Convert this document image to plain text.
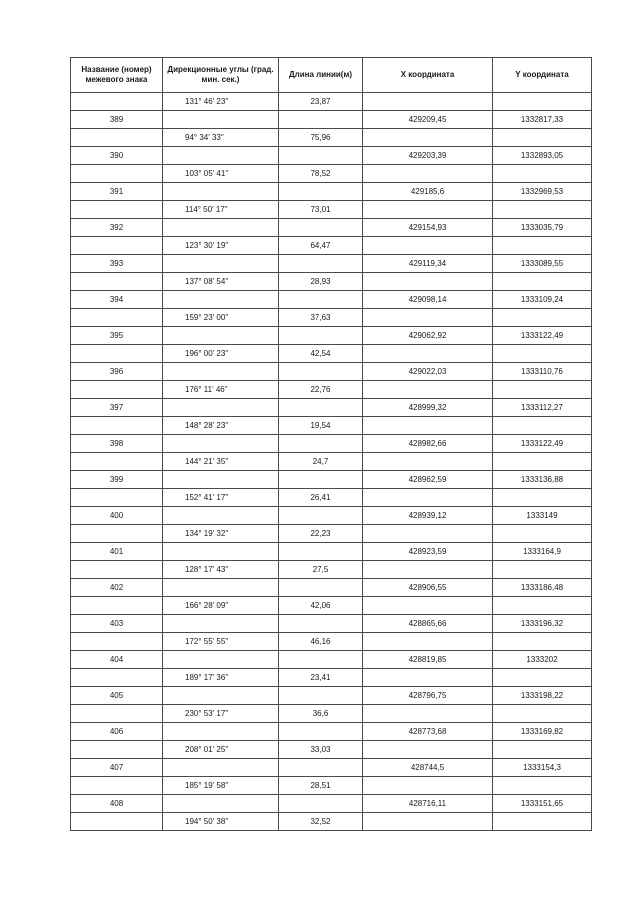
Название (номер) межевого знака	Дирекционные углы (град. мин. сек.)	Длина линии(м)	X координата	Y координата
	131° 46' 23"	23,87		
389			429209,45	1332817,33
	94° 34' 33"	75,96		
390			429203,39	1332893,05
	103° 05' 41"	78,52		
391			429185,6	1332969,53
	114° 50' 17"	73,01		
392			429154,93	1333035,79
	123° 30' 19"	64,47		
393			429119,34	1333089,55
	137° 08' 54"	28,93		
394			429098,14	1333109,24
	159° 23' 00"	37,63		
395			429062,92	1333122,49
	196° 00' 23"	42,54		
396			429022,03	1333110,76
	176° 11' 46"	22,76		
397			428999,32	1333112,27
	148° 28' 23"	19,54		
398			428982,66	1333122,49
	144° 21' 35"	24,7		
399			428962,59	1333136,88
	152° 41' 17"	26,41		
400			428939,12	1333149
	134° 19' 32"	22,23		
401			428923,59	1333164,9
	128° 17' 43"	27,5		
402			428906,55	1333186,48
	166° 28' 09"	42,06		
403			428865,66	1333196,32
	172° 55' 55"	46,16		
404			428819,85	1333202
	189° 17' 36"	23,41		
405			428796,75	1333198,22
	230° 53' 17"	36,6		
406			428773,68	1333169,82
	208° 01' 25"	33,03		
407			428744,5	1333154,3
	185° 19' 58"	28,51		
408			428716,11	1333151,65
	194° 50' 38"	32,52		
